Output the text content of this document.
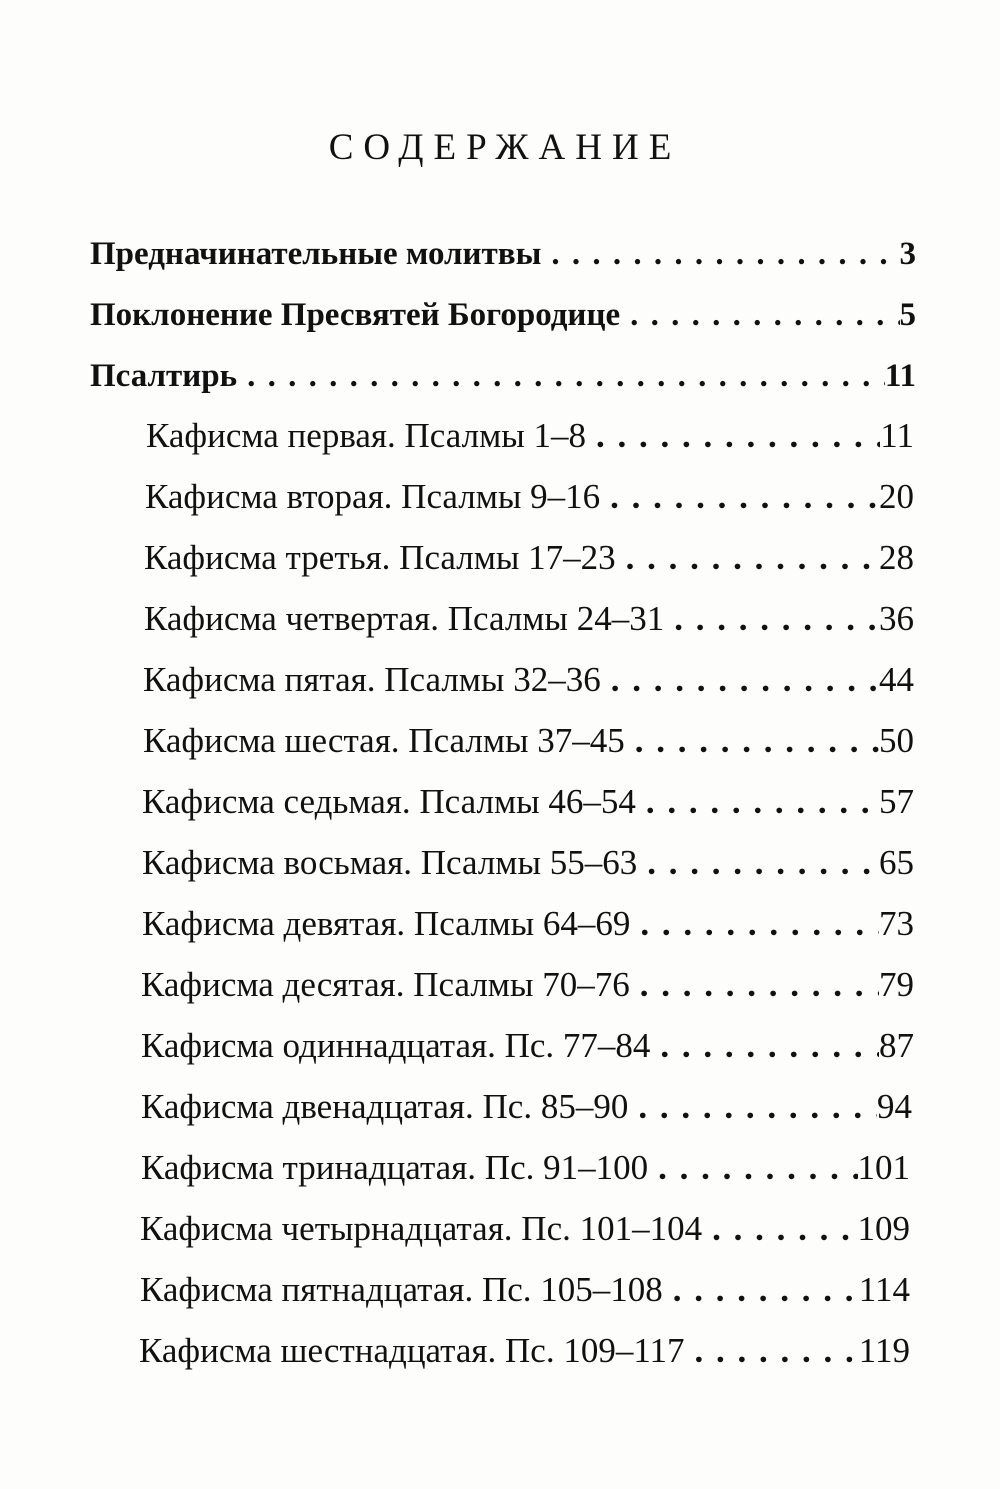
СОДЕРЖАНИЕ
Предначинательные молитвы . . .	3
Поклонение Пресвятей Богородице . . .	5
Псалтирь . . .	11
Кафисма первая. Псалмы 1–8 . . .	11
Кафисма вторая. Псалмы 9–16 . . .	20
Кафисма третья. Псалмы 17–23 . . .	28
Кафисма четвертая. Псалмы 24–31 . . .	36
Кафисма пятая. Псалмы 32–36 . . .	44
Кафисма шестая. Псалмы 37–45 . . .	50
Кафисма седьмая. Псалмы 46–54 . . .	57
Кафисма восьмая. Псалмы 55–63 . . .	65
Кафисма девятая. Псалмы 64–69 . . .	73
Кафисма десятая. Псалмы 70–76 . . .	79
Кафисма одиннадцатая. Пс. 77–84 . . .	87
Кафисма двенадцатая. Пс. 85–90 . . .	94
Кафисма тринадцатая. Пс. 91–100 . . .	101
Кафисма четырнадцатая. Пс. 101–104 . . .	109
Кафисма пятнадцатая. Пс. 105–108 . . .	114
Кафисма шестнадцатая. Пс. 109–117 . . .	119
